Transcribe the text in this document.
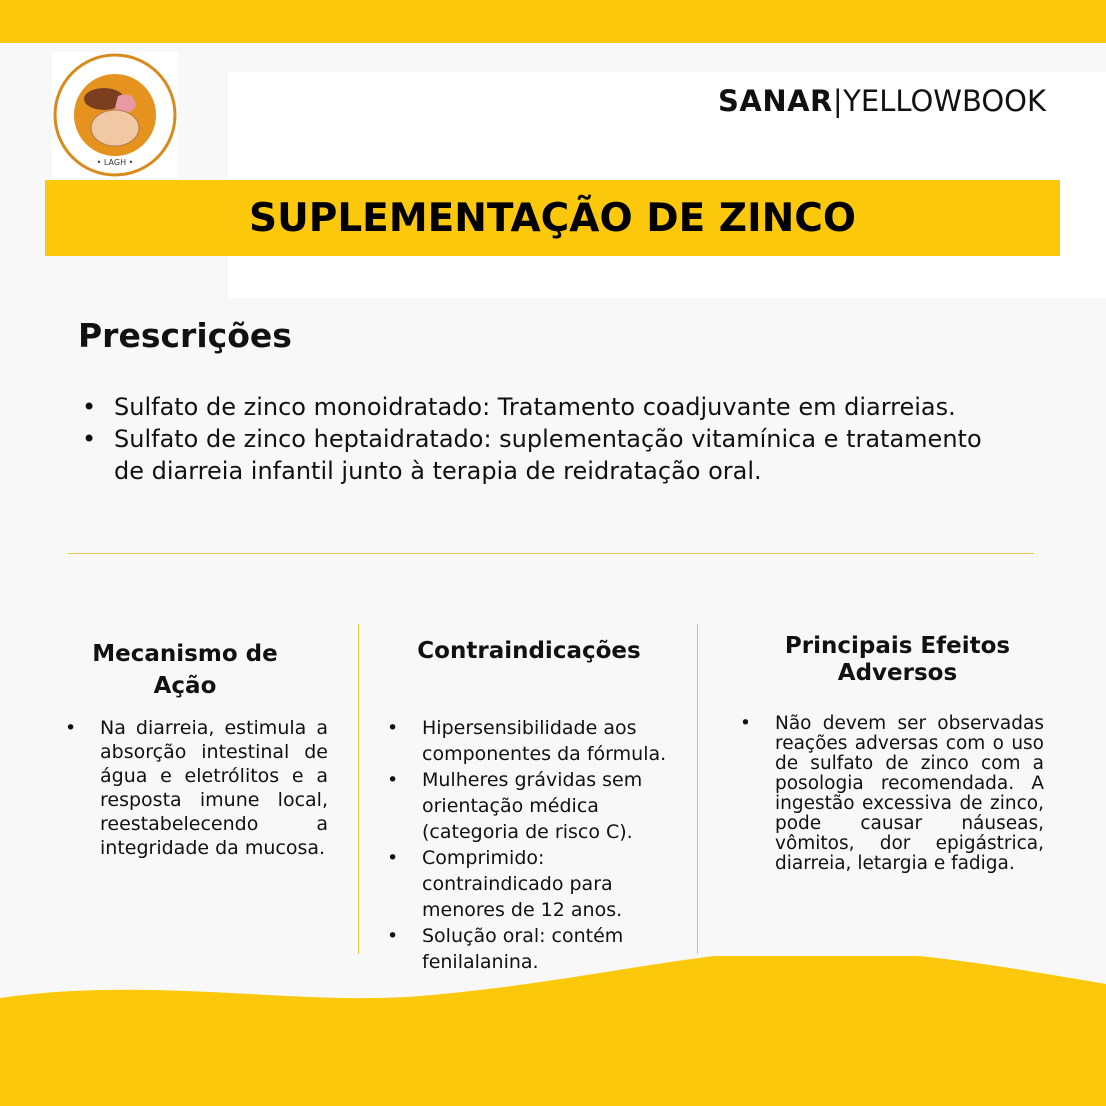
• LAGH •
SANAR|YELLOWBOOK
SUPLEMENTAÇÃO DE ZINCO
Prescrições
• Sulfato de zinco monoidratado: Tratamento coadjuvante em diarreias.
• Sulfato de zinco heptaidratado: suplementação vitamínica e tratamento de diarreia infantil junto à terapia de reidratação oral.
Mecanismo de Ação
• Na diarreia, estimula a absorção intestinal de água e eletrólitos e a resposta imune local, reestabelecendo a integridade da mucosa.
Contraindicações
• Hipersensibilidade aos componentes da fórmula.
• Mulheres grávidas sem orientação médica (categoria de risco C).
• Comprimido: contraindicado para menores de 12 anos.
• Solução oral: contém fenilalanina.
Principais Efeitos Adversos
• Não devem ser observadas reações adversas com o uso de sulfato de zinco com a posologia recomendada. A ingestão excessiva de zinco, pode causar náuseas, vômitos, dor epigástrica, diarreia, letargia e fadiga.
